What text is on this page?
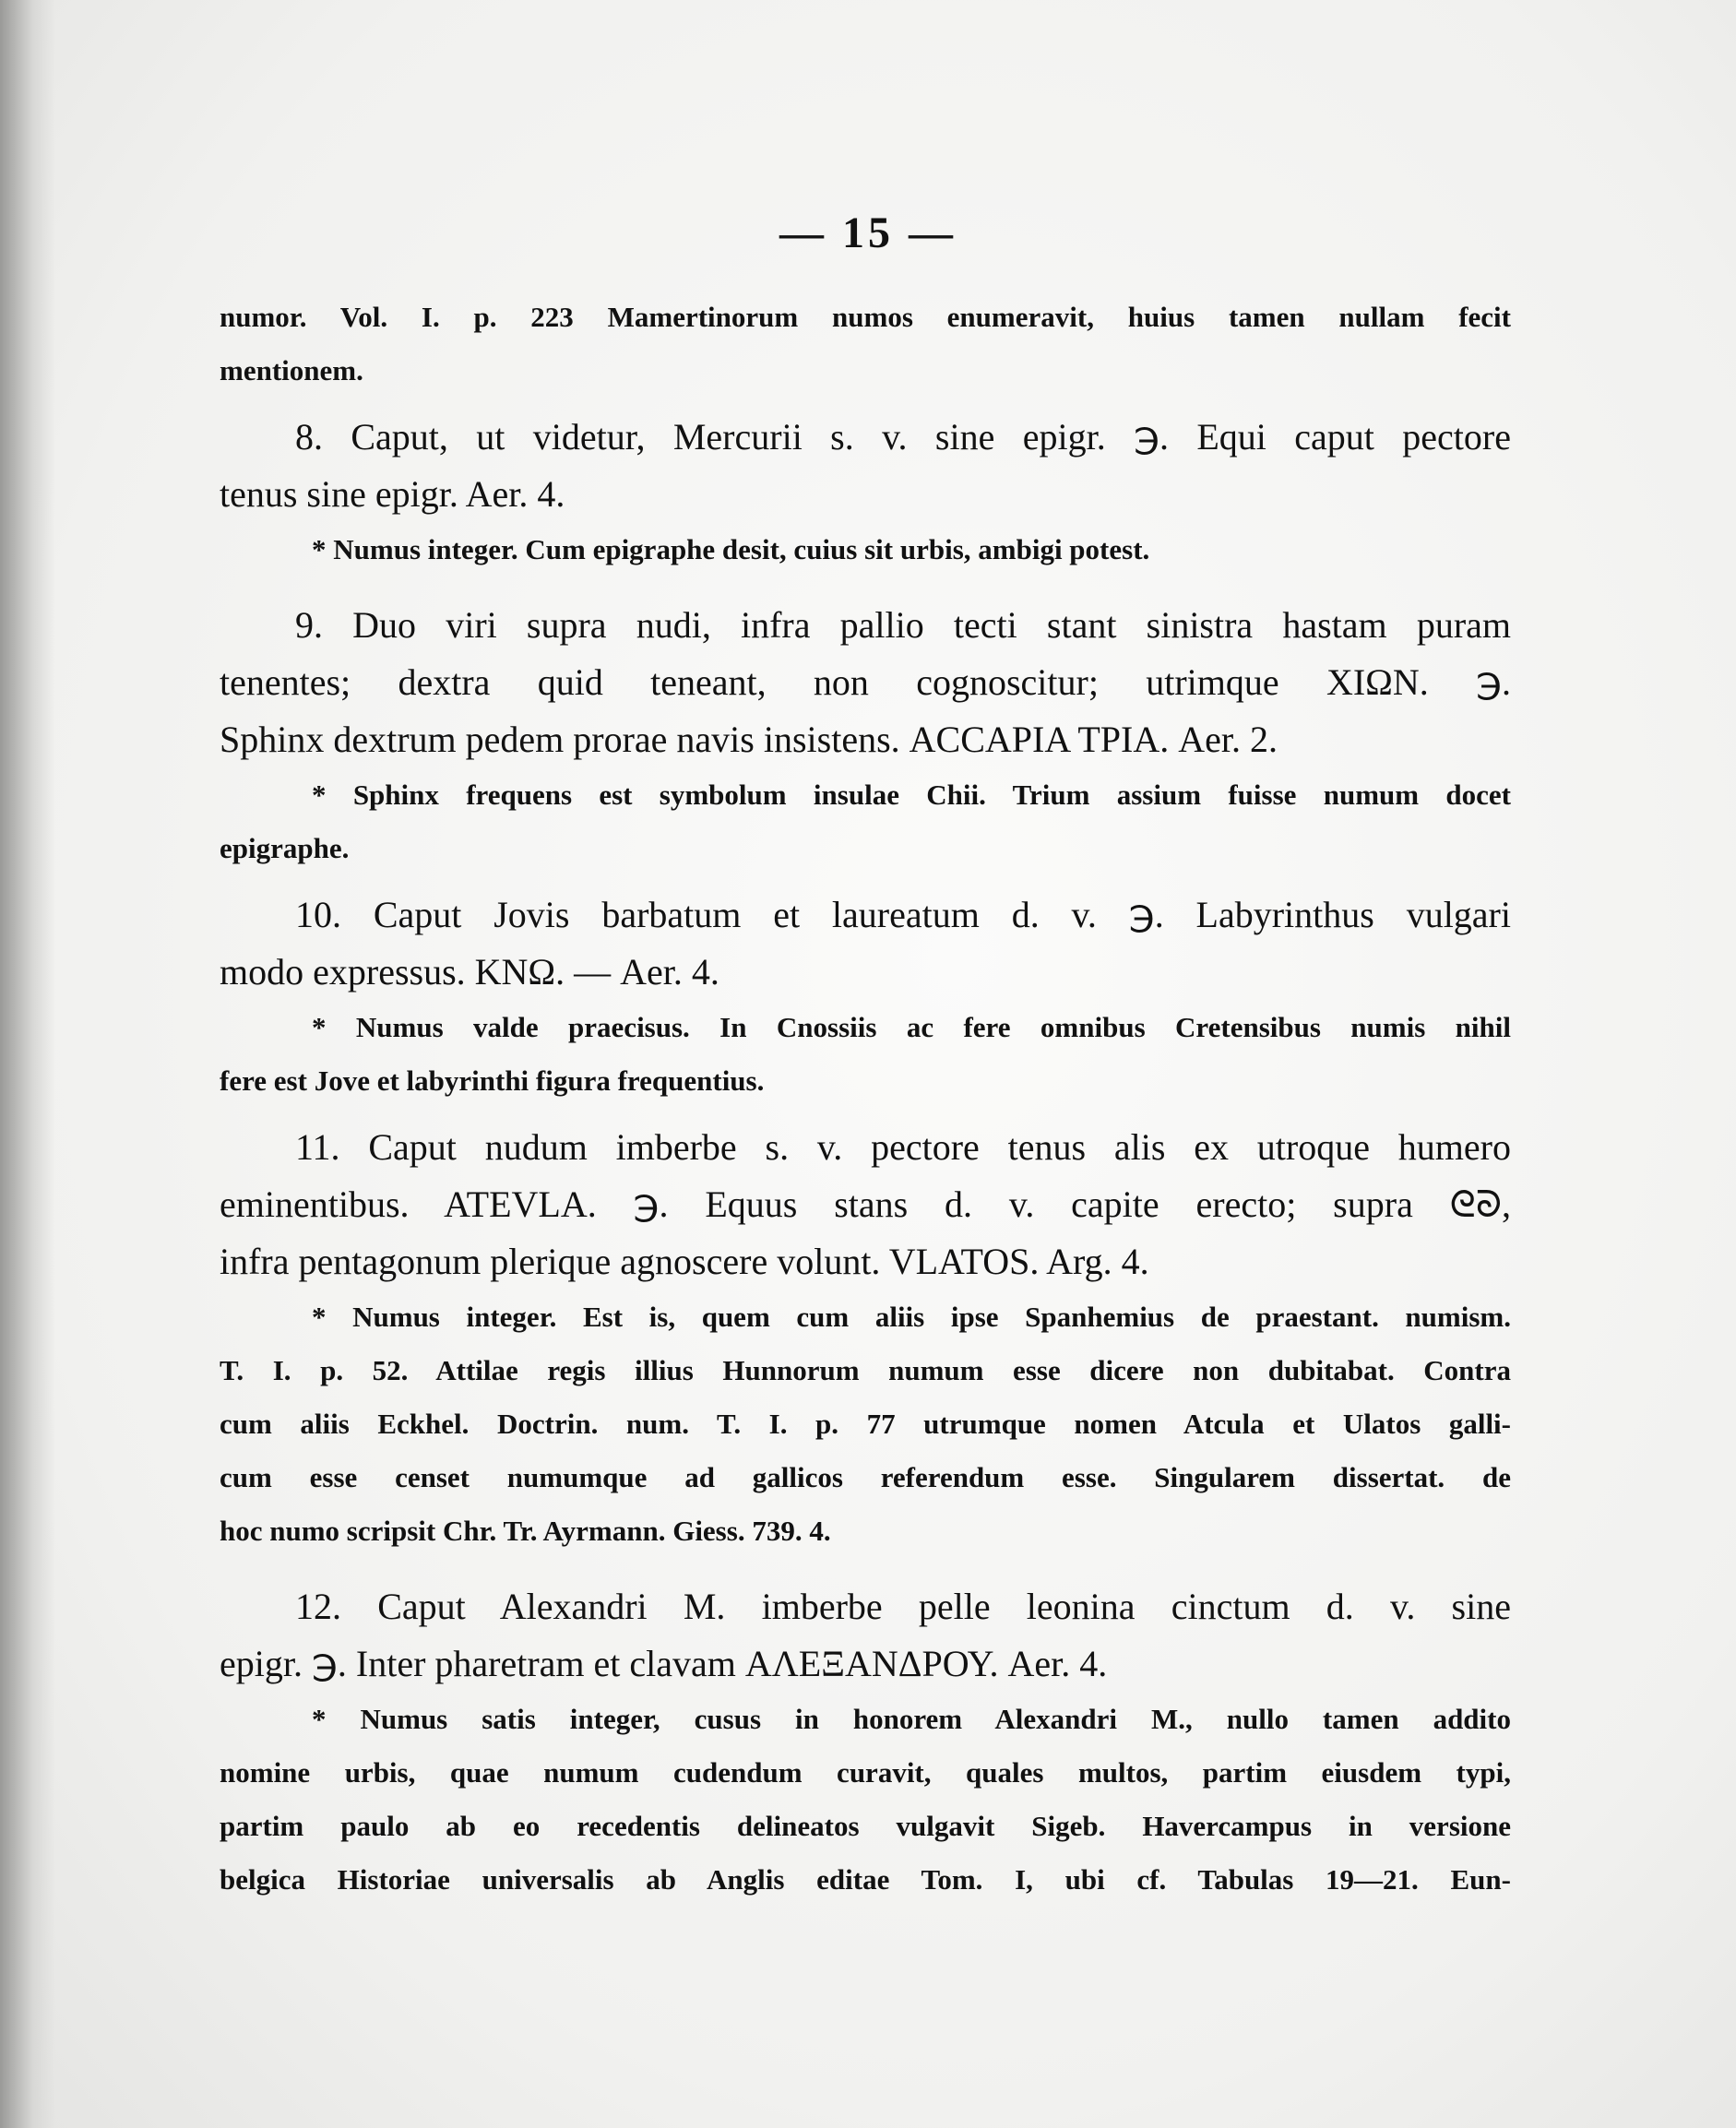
— 15 —
numor. Vol. I. p. 223 Mamertinorum numos enumeravit, huius tamen nullam fecit
mentionem.
8. Caput, ut videtur, Mercurii s. v. sine epigr. ℈. Equi caput pectore
tenus sine epigr. Aer. 4.
* Numus integer. Cum epigraphe desit, cuius sit urbis, ambigi potest.
9. Duo viri supra nudi, infra pallio tecti stant sinistra hastam puram
tenentes; dextra quid teneant, non cognoscitur; utrimque ΧΙΩΝ. ℈.
Sphinx dextrum pedem prorae navis insistens. ΑCCΑΡΙΑ ΤΡΙΑ. Aer. 2.
* Sphinx frequens est symbolum insulae Chii. Trium assium fuisse numum docet
epigraphe.
10. Caput Jovis barbatum et laureatum d. v. ℈. Labyrinthus vulgari
modo expressus. ΚΝΩ. — Aer. 4.
* Numus valde praecisus. In Cnossiis ac fere omnibus Cretensibus numis nihil
fere est Jove et labyrinthi figura frequentius.
11. Caput nudum imberbe s. v. pectore tenus alis ex utroque humero
eminentibus. ATEVLA. ℈. Equus stans d. v. capite erecto; supra ᘓᘐ,
infra pentagonum plerique agnoscere volunt. VLATOS. Arg. 4.
* Numus integer. Est is, quem cum aliis ipse Spanhemius de praestant. numism.
T. I. p. 52. Attilae regis illius Hunnorum numum esse dicere non dubitabat. Contra
cum aliis Eckhel. Doctrin. num. T. I. p. 77 utrumque nomen Atcula et Ulatos galli-
cum esse censet numumque ad gallicos referendum esse. Singularem dissertat. de
hoc numo scripsit Chr. Tr. Ayrmann. Giess. 739. 4.
12. Caput Alexandri M. imberbe pelle leonina cinctum d. v. sine
epigr. ℈. Inter pharetram et clavam ΑΛΕΞΑΝΔΡΟΥ. Aer. 4.
* Numus satis integer, cusus in honorem Alexandri M., nullo tamen addito
nomine urbis, quae numum cudendum curavit, quales multos, partim eiusdem typi,
partim paulo ab eo recedentis delineatos vulgavit Sigeb. Havercampus in versione
belgica Historiae universalis ab Anglis editae Tom. I, ubi cf. Tabulas 19—21. Eun-
